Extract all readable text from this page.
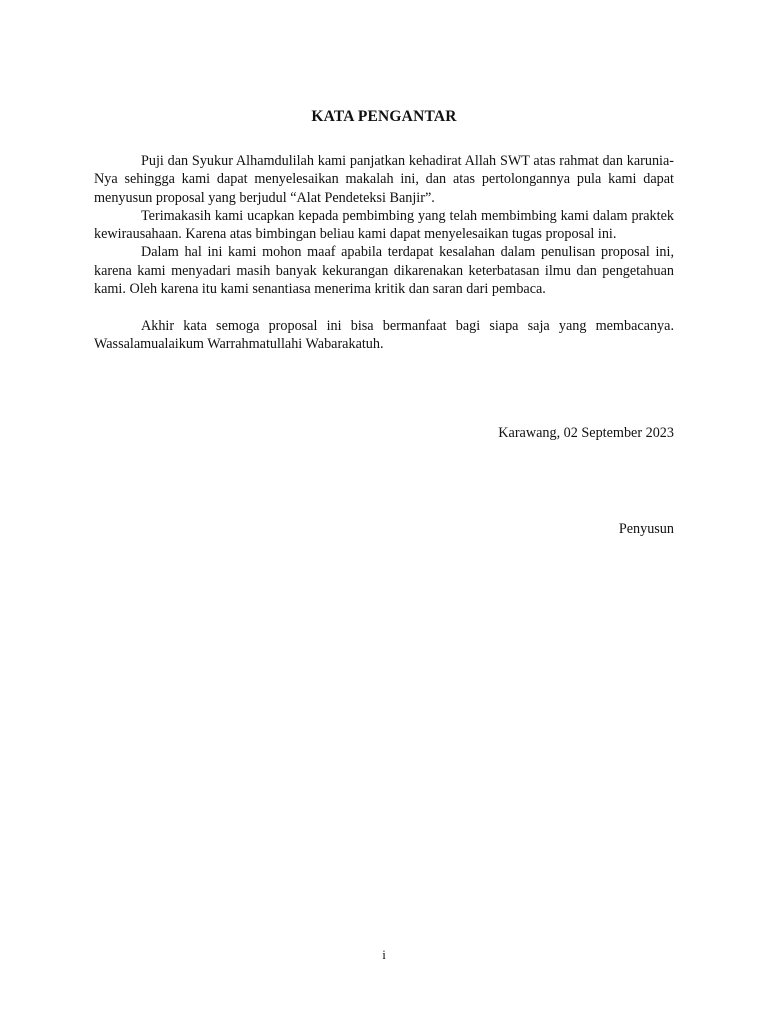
KATA PENGANTAR

Puji dan Syukur Alhamdulilah kami panjatkan kehadirat Allah SWT atas rahmat dan karunia-Nya sehingga kami dapat menyelesaikan makalah ini, dan atas pertolongannya pula kami dapat menyusun proposal yang berjudul “Alat Pendeteksi Banjir”.

Terimakasih kami ucapkan kepada pembimbing yang telah membimbing kami dalam praktek kewirausahaan. Karena atas bimbingan beliau kami dapat menyelesaikan tugas proposal ini.

Dalam hal ini kami mohon maaf apabila terdapat kesalahan dalam penulisan proposal ini, karena kami menyadari masih banyak kekurangan dikarenakan keterbatasan ilmu dan pengetahuan kami. Oleh karena itu kami senantiasa menerima kritik dan saran dari pembaca.

Akhir kata semoga proposal ini bisa bermanfaat bagi siapa saja yang membacanya. Wassalamualaikum Warrahmatullahi Wabarakatuh.

Karawang, 02 September 2023
Penyusun
i
